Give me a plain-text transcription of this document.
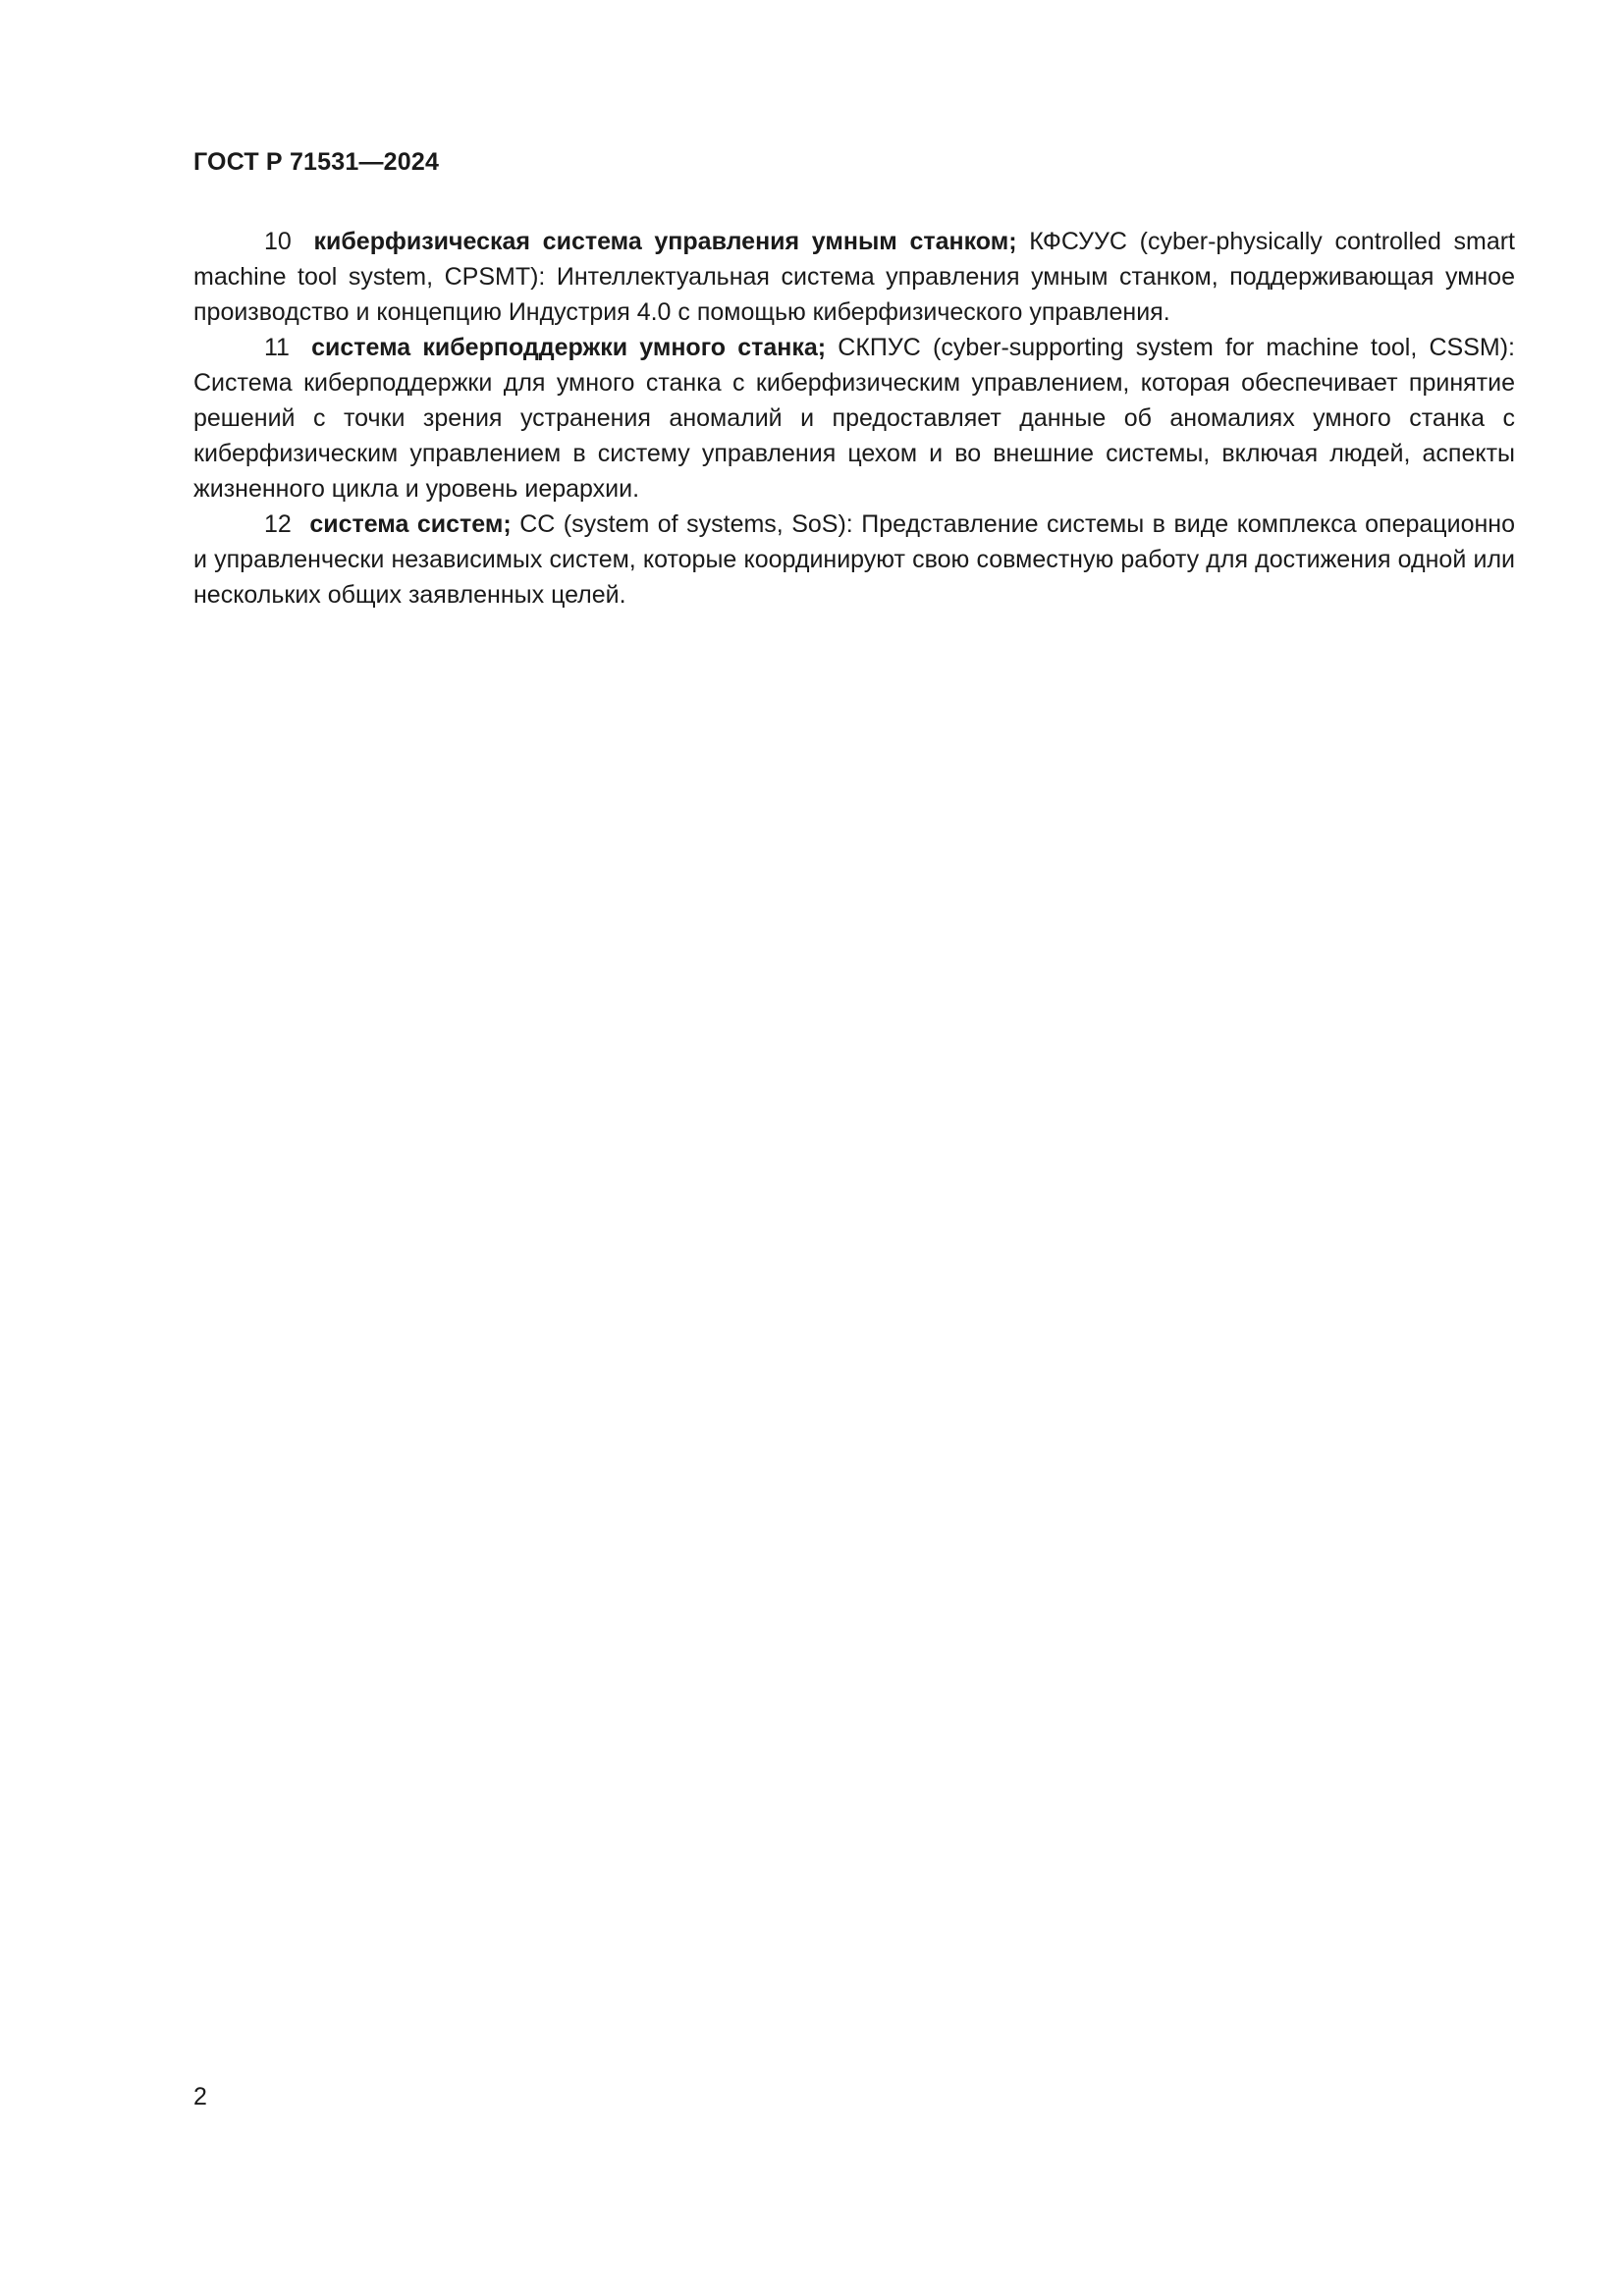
ГОСТ Р 71531—2024

10 киберфизическая система управления умным станком; КФСУУС (cyber-physically controlled smart machine tool system, CPSMT): Интеллектуальная система управления умным станком, поддерживающая умное производство и концепцию Индустрия 4.0 с помощью киберфизического управления.

11 система киберподдержки умного станка; СКПУС (cyber-supporting system for machine tool, CSSM): Система киберподдержки для умного станка с киберфизическим управлением, которая обеспечивает принятие решений с точки зрения устранения аномалий и предоставляет данные об аномалиях умного станка с киберфизическим управлением в систему управления цехом и во внешние системы, включая людей, аспекты жизненного цикла и уровень иерархии.

12 система систем; СС (system of systems, SoS): Представление системы в виде комплекса операционно и управленчески независимых систем, которые координируют свою совместную работу для достижения одной или нескольких общих заявленных целей.

2
